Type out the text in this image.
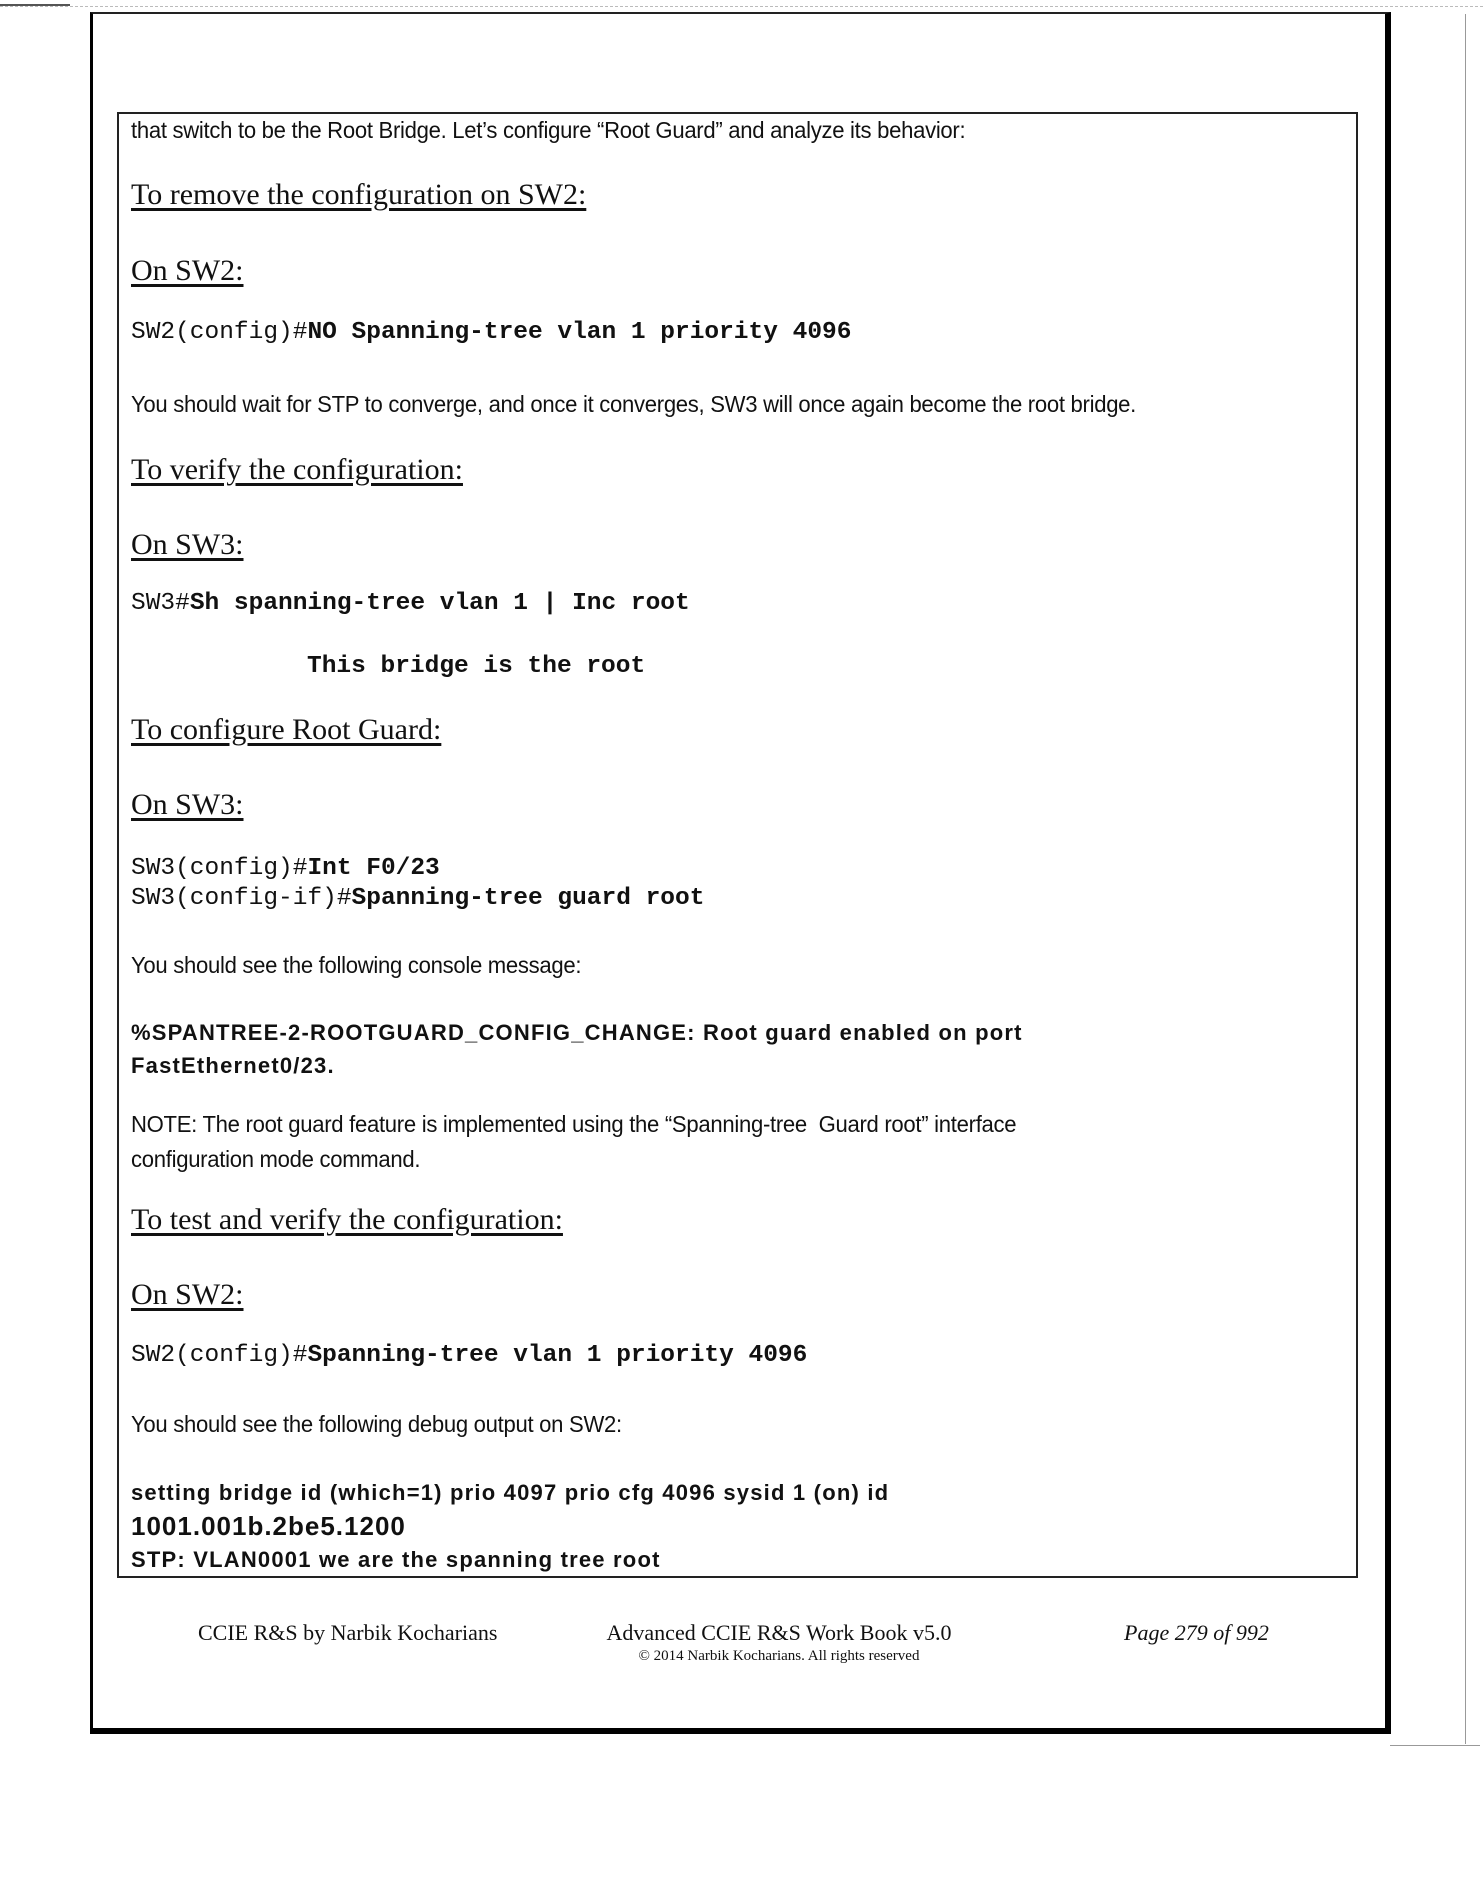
that switch to be the Root Bridge. Let’s configure “Root Guard” and analyze its behavior:
To remove the configuration on SW2:
On SW2:
SW2(config)#NO Spanning-tree vlan 1 priority 4096
You should wait for STP to converge, and once it converges, SW3 will once again become the root bridge.
To verify the configuration:
On SW3:
SW3#Sh spanning-tree vlan 1 | Inc root
This bridge is the root
To configure Root Guard:
On SW3:
SW3(config)#Int F0/23
SW3(config-if)#Spanning-tree guard root
You should see the following console message:
%SPANTREE-2-ROOTGUARD_CONFIG_CHANGE: Root guard enabled on port
FastEthernet0/23.
NOTE: The root guard feature is implemented using the “Spanning-tree  Guard root” interface
configuration mode command.
To test and verify the configuration:
On SW2:
SW2(config)#Spanning-tree vlan 1 priority 4096
You should see the following debug output on SW2:
setting bridge id (which=1) prio 4097 prio cfg 4096 sysid 1 (on) id
1001.001b.2be5.1200
STP: VLAN0001 we are the spanning tree root
CCIE R&S by Narbik Kocharians	Advanced CCIE R&S Work Book v5.0
© 2014 Narbik Kocharians. All rights reserved
Page 279 of 992
